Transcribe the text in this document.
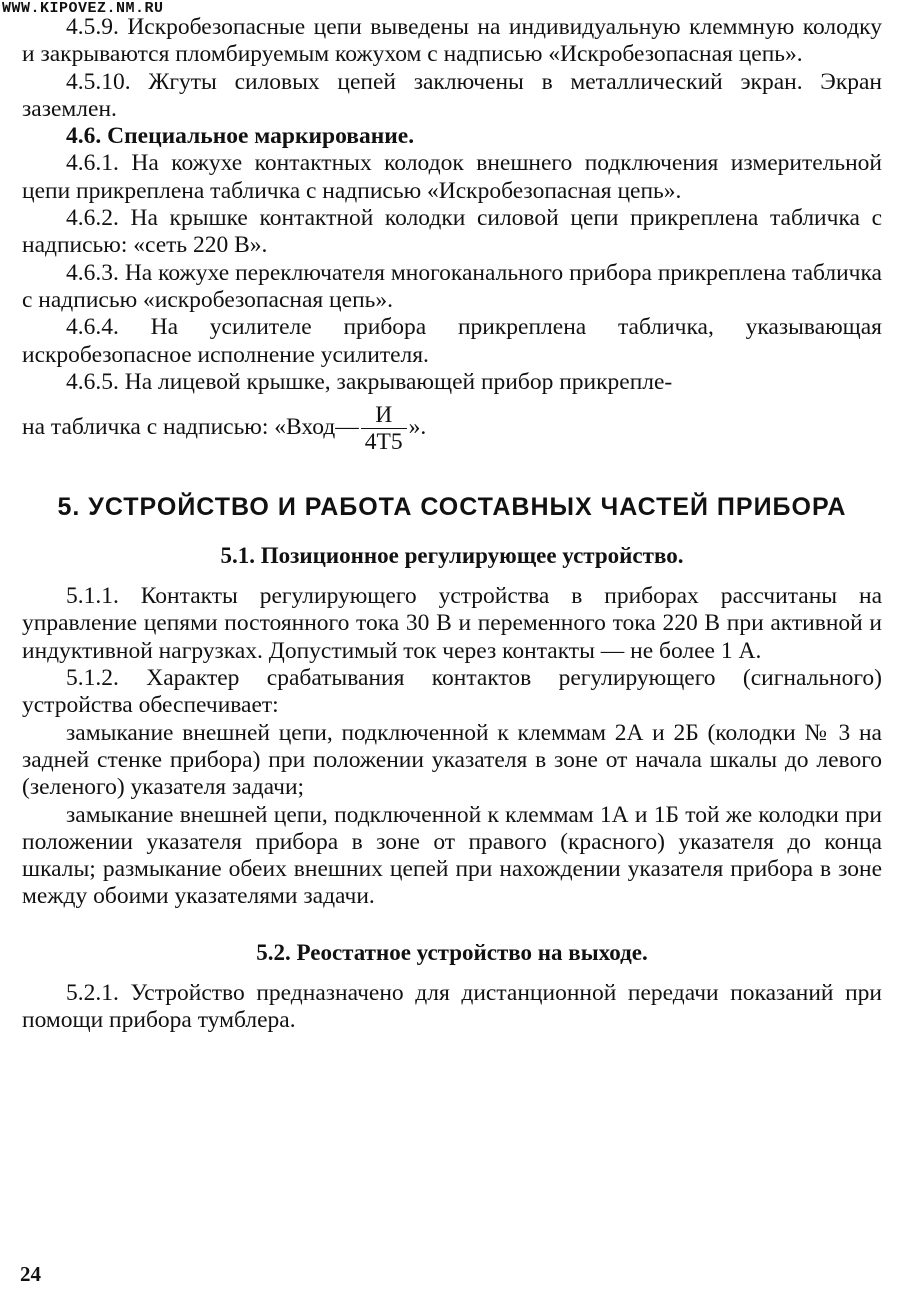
WWW.KIPOVEZ.NM.RU

4.5.9. Искробезопасные цепи выведены на индивидуальную клеммную колодку и закрываются пломбируемым кожухом с надписью «Искробезопасная цепь».

4.5.10. Жгуты силовых цепей заключены в металлический экран. Экран заземлен.

4.6. Специальное маркирование.

4.6.1. На кожухе контактных колодок внешнего подключения измерительной цепи прикреплена табличка с надписью «Искробезопасная цепь».

4.6.2. На крышке контактной колодки силовой цепи прикреплена табличка с надписью: «сеть 220 В».

4.6.3. На кожухе переключателя многоканального прибора прикреплена табличка с надписью «искробезопасная цепь».

4.6.4. На усилителе прибора прикреплена табличка, указывающая искробезопасное исполнение усилителя.

4.6.5. На лицевой крышке, закрывающей прибор прикрепле-
на табличка с надписью: «Вход— $\frac{И}{4Т5}$ ».

5. УСТРОЙСТВО И РАБОТА СОСТАВНЫХ ЧАСТЕЙ ПРИБОРА
5.1. Позиционное регулирующее устройство.

5.1.1. Контакты регулирующего устройства в приборах рассчитаны на управление цепями постоянного тока 30 В и переменного тока 220 В при активной и индуктивной нагрузках. Допустимый ток через контакты — не более 1 А.

5.1.2. Характер срабатывания контактов регулирующего (сигнального) устройства обеспечивает:

замыкание внешней цепи, подключенной к клеммам 2А и 2Б (колодки № 3 на задней стенке прибора) при положении указателя в зоне от начала шкалы до левого (зеленого) указателя задачи;

замыкание внешней цепи, подключенной к клеммам 1А и 1Б той же колодки при положении указателя прибора в зоне от правого (красного) указателя до конца шкалы; размыкание обеих внешних цепей при нахождении указателя прибора в зоне между обоими указателями задачи.

5.2. Реостатное устройство на выходе.

5.2.1. Устройство предназначено для дистанционной передачи показаний при помощи прибора тумблера.

24
